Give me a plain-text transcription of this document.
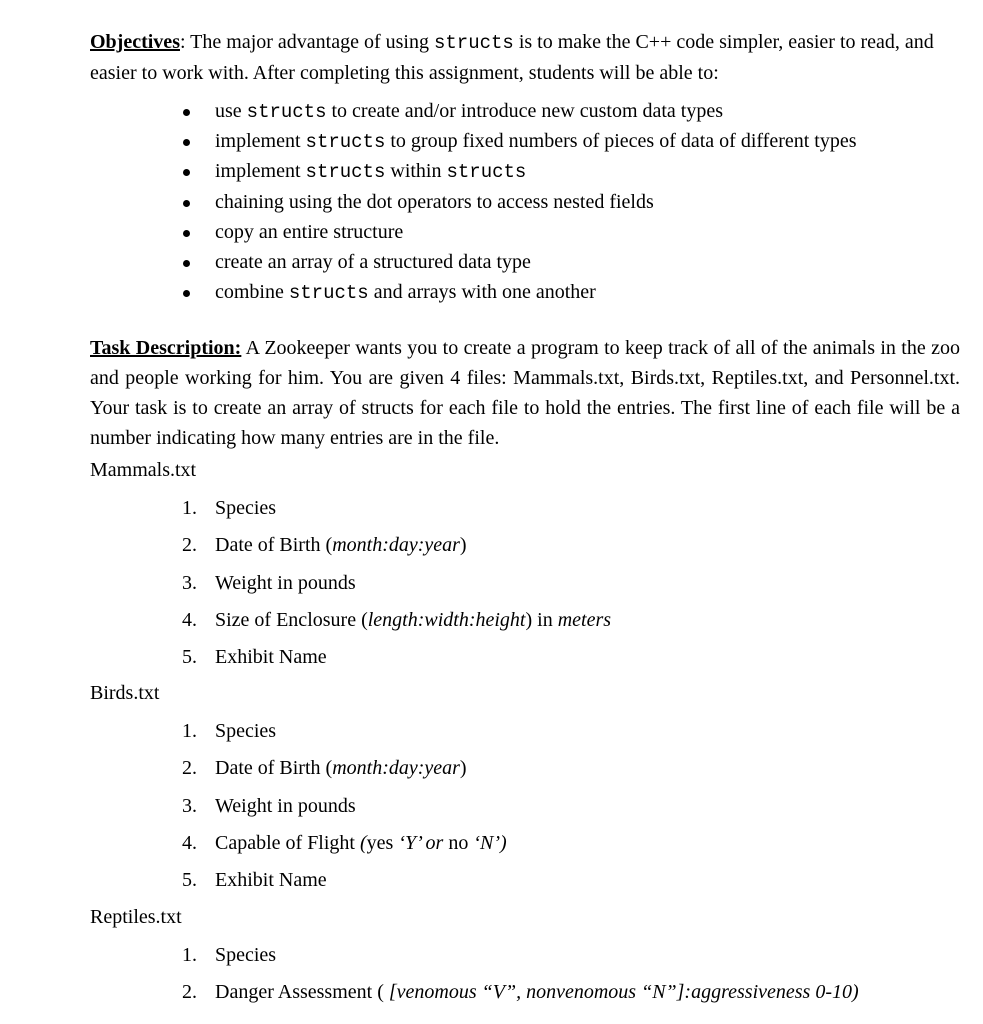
Objectives: The major advantage of using structs is to make the C++ code simpler, easier to read, and easier to work with. After completing this assignment, students will be able to:

use structs to create and/or introduce new custom data types
implement structs to group fixed numbers of pieces of data of different types
implement structs within structs
chaining using the dot operators to access nested fields
copy an entire structure
create an array of a structured data type
combine structs and arrays with one another

Task Description: A Zookeeper wants you to create a program to keep track of all of the animals in the zoo and people working for him. You are given 4 files: Mammals.txt, Birds.txt, Reptiles.txt, and Personnel.txt. Your task is to create an array of structs for each file to hold the entries. The first line of each file will be a number indicating how many entries are in the file.

Mammals.txt
1. Species
2. Date of Birth (month:day:year)
3. Weight in pounds
4. Size of Enclosure (length:width:height) in meters
5. Exhibit Name
Birds.txt
1. Species
2. Date of Birth (month:day:year)
3. Weight in pounds
4. Capable of Flight (yes ‘Y’ or no ‘N’)
5. Exhibit Name
Reptiles.txt
1. Species
2. Danger Assessment ( [venomous “V”, nonvenomous “N”]:aggressiveness 0-10)
